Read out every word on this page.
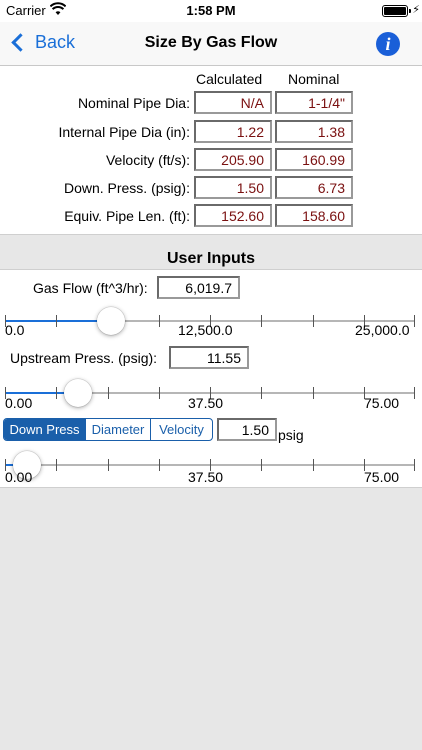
Carrier	1:58 PM	⚡
Back	Size By Gas Flow	i
Calculated Nominal
Nominal Pipe Dia:	N/A	1-1/4"
Internal Pipe Dia (in):	1.22	1.38
Velocity (ft/s):	205.90	160.99
Down. Press. (psig):	1.50	6.73
Equiv. Pipe Len. (ft):	152.60	158.60
User Inputs
Gas Flow (ft^3/hr):	6,019.7
0.0	12,500.0	25,000.0
Upstream Press. (psig):	11.55
0.00	37.50	75.00
Down Press Diameter	Velocity	1.50 psig
0.00	37.50	75.00
